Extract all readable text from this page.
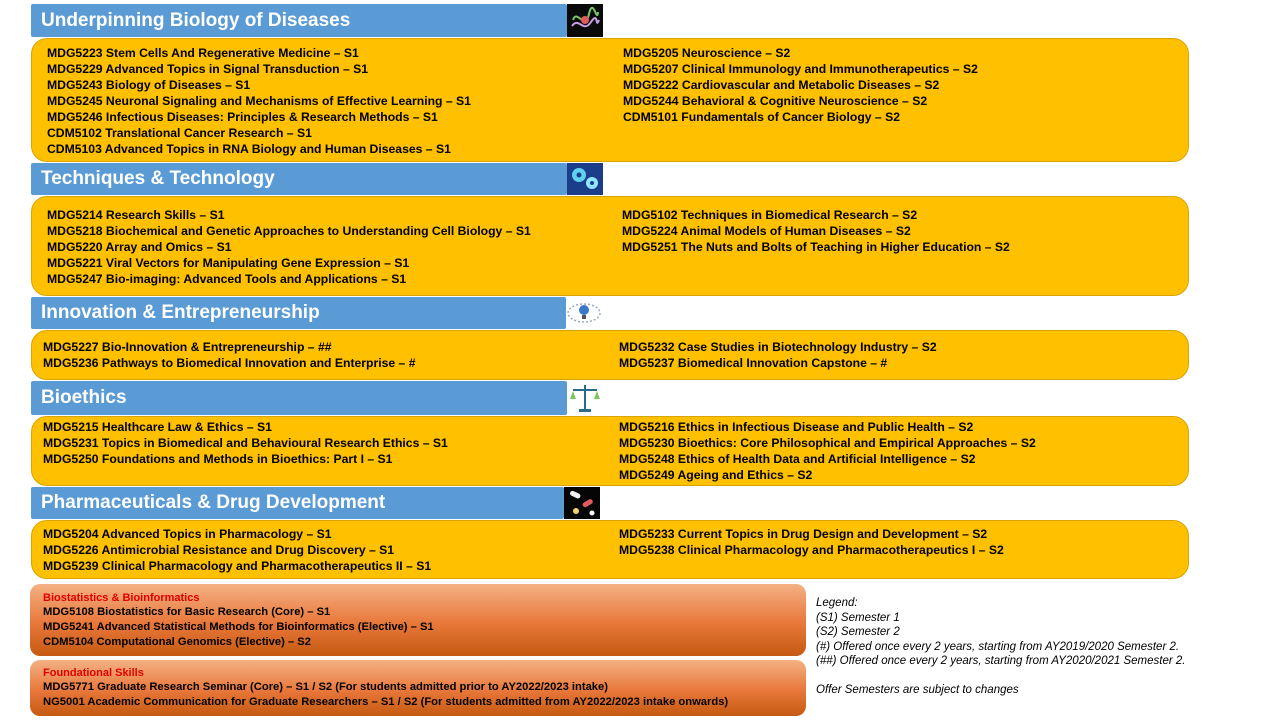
Underpinning Biology of Diseases
MDG5223 Stem Cells And Regenerative Medicine – S1
MDG5229 Advanced Topics in Signal Transduction – S1
MDG5243 Biology of Diseases – S1
MDG5245 Neuronal Signaling and Mechanisms of Effective Learning – S1
MDG5246 Infectious Diseases: Principles & Research Methods – S1
CDM5102 Translational Cancer Research – S1
CDM5103 Advanced Topics in RNA Biology and Human Diseases – S1
MDG5205 Neuroscience – S2
MDG5207 Clinical Immunology and Immunotherapeutics – S2
MDG5222 Cardiovascular and Metabolic Diseases – S2
MDG5244 Behavioral & Cognitive Neuroscience – S2
CDM5101 Fundamentals of Cancer Biology – S2
Techniques & Technology
MDG5214 Research Skills – S1
MDG5218 Biochemical and Genetic Approaches to Understanding Cell Biology – S1
MDG5220 Array and Omics – S1
MDG5221 Viral Vectors for Manipulating Gene Expression – S1
MDG5247 Bio-imaging: Advanced Tools and Applications – S1
MDG5102 Techniques in Biomedical Research – S2
MDG5224 Animal Models of Human Diseases – S2
MDG5251 The Nuts and Bolts of Teaching in Higher Education – S2
Innovation & Entrepreneurship
MDG5227 Bio-Innovation & Entrepreneurship – ##
MDG5236 Pathways to Biomedical Innovation and Enterprise – #
MDG5232 Case Studies in Biotechnology Industry – S2
MDG5237 Biomedical Innovation Capstone – #
Bioethics
MDG5215 Healthcare Law & Ethics – S1
MDG5231 Topics in Biomedical and Behavioural Research Ethics – S1
MDG5250 Foundations and Methods in Bioethics: Part I – S1
MDG5216 Ethics in Infectious Disease and Public Health – S2
MDG5230 Bioethics: Core Philosophical and Empirical Approaches – S2
MDG5248 Ethics of Health Data and Artificial Intelligence – S2
MDG5249 Ageing and Ethics – S2
Pharmaceuticals & Drug Development
MDG5204 Advanced Topics in Pharmacology – S1
MDG5226 Antimicrobial Resistance and Drug Discovery – S1
MDG5239 Clinical Pharmacology and Pharmacotherapeutics II – S1
MDG5233 Current Topics in Drug Design and Development – S2
MDG5238 Clinical Pharmacology and Pharmacotherapeutics I – S2
Biostatistics & Bioinformatics
MDG5108 Biostatistics for Basic Research (Core) – S1
MDG5241 Advanced Statistical Methods for Bioinformatics (Elective) – S1
CDM5104 Computational Genomics (Elective) – S2
Foundational Skills
MDG5771 Graduate Research Seminar (Core) – S1 / S2 (For students admitted prior to AY2022/2023 intake)
NG5001 Academic Communication for Graduate Researchers – S1 / S2 (For students admitted from AY2022/2023 intake onwards)
Legend:
(S1) Semester 1
(S2) Semester 2
(#) Offered once every 2 years, starting from AY2019/2020 Semester 2.
(##) Offered once every 2 years, starting from AY2020/2021 Semester 2.
Offer Semesters are subject to changes
